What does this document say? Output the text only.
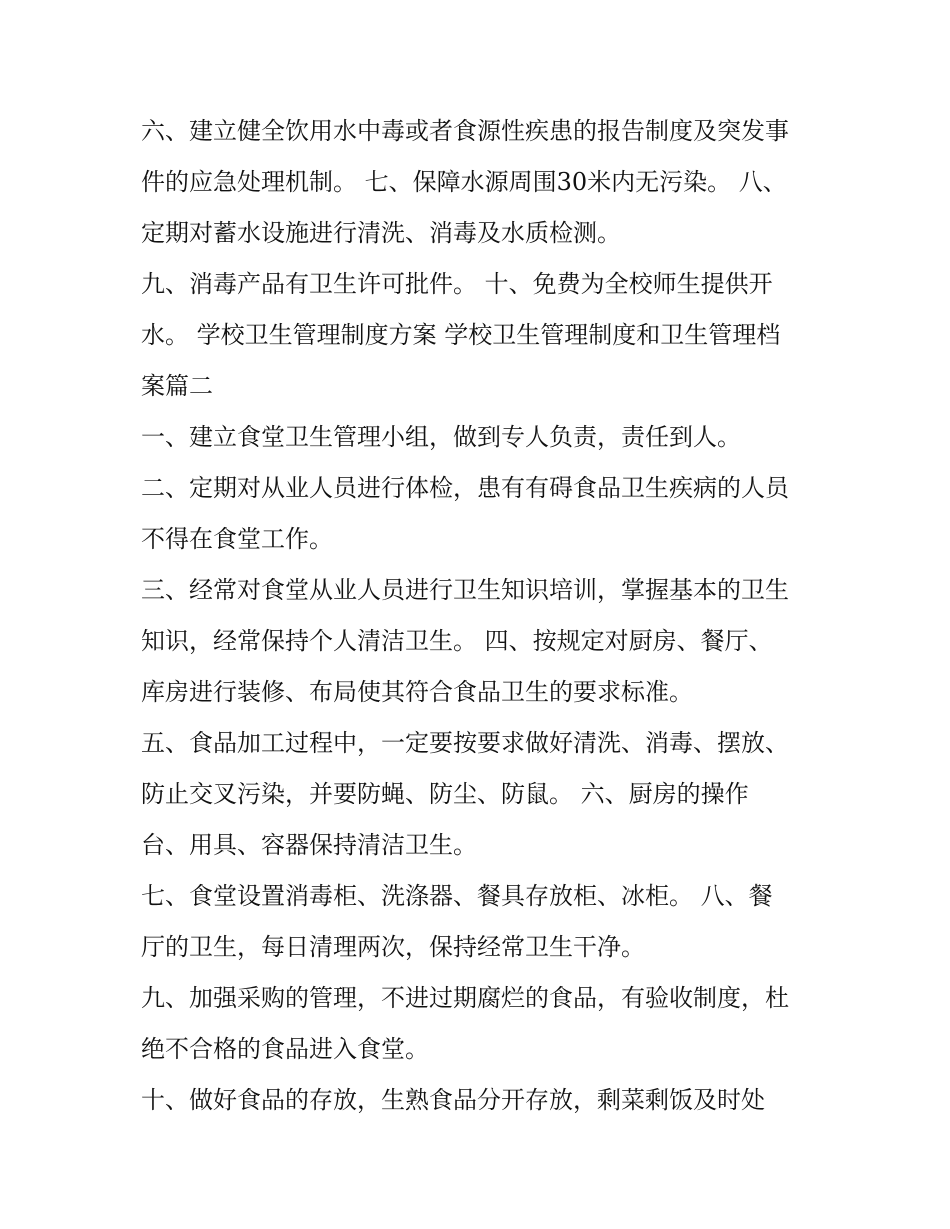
六、建立健全饮用水中毒或者食源性疾患的报告制度及突发事
件的应急处理机制。 七、保障水源周围30米内无污染。 八、
定期对蓄水设施进行清洗、消毒及水质检测。
九、消毒产品有卫生许可批件。 十、免费为全校师生提供开
水。 学校卫生管理制度方案 学校卫生管理制度和卫生管理档
案篇二
一、建立食堂卫生管理小组，做到专人负责，责任到人。
二、定期对从业人员进行体检，患有有碍食品卫生疾病的人员
不得在食堂工作。
三、经常对食堂从业人员进行卫生知识培训，掌握基本的卫生
知识，经常保持个人清洁卫生。 四、按规定对厨房、餐厅、
库房进行装修、布局使其符合食品卫生的要求标准。
五、食品加工过程中，一定要按要求做好清洗、消毒、摆放、
防止交叉污染，并要防蝇、防尘、防鼠。 六、厨房的操作
台、用具、容器保持清洁卫生。
七、食堂设置消毒柜、洗涤器、餐具存放柜、冰柜。 八、餐
厅的卫生，每日清理两次，保持经常卫生干净。
九、加强采购的管理，不进过期腐烂的食品，有验收制度，杜
绝不合格的食品进入食堂。
十、做好食品的存放，生熟食品分开存放，剩菜剩饭及时处
